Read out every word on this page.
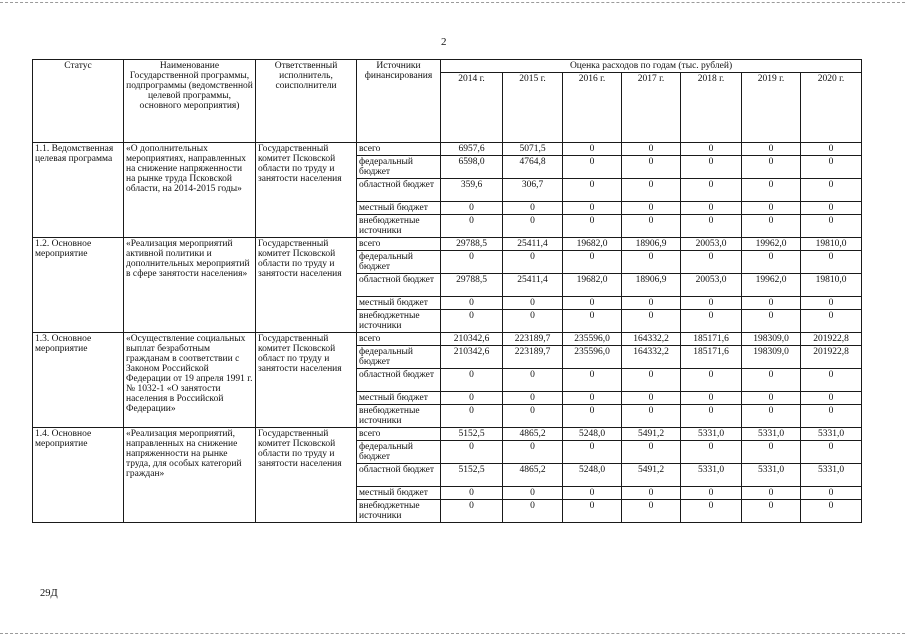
2
Статус	Наименование Государственной программы, подпрограммы (ведомственной целевой программы, основного мероприятия)	Ответственный исполнитель, соисполнители	Источники финансирования	Оценка расходов по годам (тыс. рублей)						
				2014 г.	2015 г.	2016 г.	2017 г.	2018 г.	2019 г.	2020 г.
1.1. Ведомственная целевая программа	«О дополнительных мероприятиях, направленных на снижение напряженности на рынке труда Псковской области, на 2014-2015 годы»	Государственный комитет Псковской области по труду и занятости населения	всего	6957,6	5071,5	0	0	0	0	0
			федеральный бюджет	6598,0	4764,8	0	0	0	0	0
			областной бюджет	359,6	306,7	0	0	0	0	0
			местный бюджет	0	0	0	0	0	0	0
			внебюджетные источники	0	0	0	0	0	0	0
1.2. Основное мероприятие	«Реализация мероприятий активной политики и дополнительных мероприятий в сфере занятости населения»	Государственный комитет Псковской области по труду и занятости населения	всего	29788,5	25411,4	19682,0	18906,9	20053,0	19962,0	19810,0
			федеральный бюджет	0	0	0	0	0	0	0
			областной бюджет	29788,5	25411,4	19682,0	18906,9	20053,0	19962,0	19810,0
			местный бюджет	0	0	0	0	0	0	0
			внебюджетные источники	0	0	0	0	0	0	0
1.3. Основное мероприятие	«Осуществление социальных выплат безработным гражданам в соответствии с Законом Российской Федерации от 19 апреля 1991 г. № 1032-1 «О занятости населения в Российской Федерации»	Государственный комитет Псковской област по труду и занятости населения	всего	210342,6	223189,7	235596,0	164332,2	185171,6	198309,0	201922,8
			федеральный бюджет	210342,6	223189,7	235596,0	164332,2	185171,6	198309,0	201922,8
			областной бюджет	0	0	0	0	0	0	0
			местный бюджет	0	0	0	0	0	0	0
			внебюджетные источники	0	0	0	0	0	0	0
1.4. Основное мероприятие	«Реализация мероприятий, направленных на снижение напряженности на рынке труда, для особых категорий граждан»	Государственный комитет Псковской области по труду и занятости населения	всего	5152,5	4865,2	5248,0	5491,2	5331,0	5331,0	5331,0
			федеральный бюджет	0	0	0	0	0	0	0
			областной бюджет	5152,5	4865,2	5248,0	5491,2	5331,0	5331,0	5331,0
			местный бюджет	0	0	0	0	0	0	0
			внебюджетные источники	0	0	0	0	0	0	0
29Д
